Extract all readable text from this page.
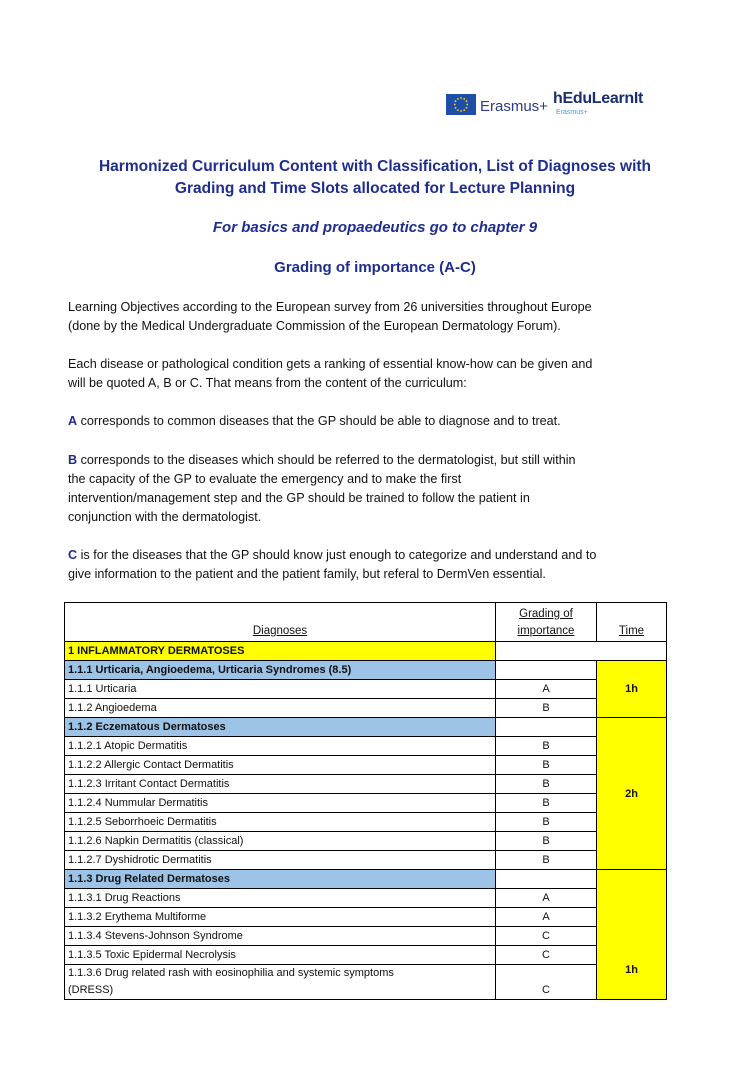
Erasmus+ hEduLearnIt
Erasmus+
Harmonized Curriculum Content with Classification, List of Diagnoses with
Grading and Time Slots allocated for Lecture Planning
For basics and propaedeutics go to chapter 9
Grading of importance (A-C)
Learning Objectives according to the European survey from 26 universities throughout Europe
(done by the Medical Undergraduate Commission of the European Dermatology Forum).
Each disease or pathological condition gets a ranking of essential know-how can be given and
will be quoted A, B or C. That means from the content of the curriculum:
A corresponds to common diseases that the GP should be able to diagnose and to treat.
B corresponds to the diseases which should be referred to the dermatologist, but still within
the capacity of the GP to evaluate the emergency and to make the first
intervention/management step and the GP should be trained to follow the patient in
conjunction with the dermatologist.
C is for the diseases that the GP should know just enough to categorize and understand and to
give information to the patient and the patient family, but referal to DermVen essential.
Diagnoses	Grading of
importance	Time
1 INFLAMMATORY DERMATOSES		
1.1.1 Urticaria, Angioedema, Urticaria Syndromes (8.5)		1h
1.1.1 Urticaria	A	
1.1.2 Angioedema	B	
1.1.2 Eczematous Dermatoses		2h
1.1.2.1 Atopic Dermatitis	B	
1.1.2.2 Allergic Contact Dermatitis	B	
1.1.2.3 Irritant Contact Dermatitis	B	
1.1.2.4 Nummular Dermatitis	B	
1.1.2.5 Seborrhoeic Dermatitis	B	
1.1.2.6 Napkin Dermatitis (classical)	B	
1.1.2.7 Dyshidrotic Dermatitis	B	
1.1.3 Drug Related Dermatoses		1h
1.1.3.1 Drug Reactions	A	
1.1.3.2 Erythema Multiforme	A	
1.1.3.4 Stevens-Johnson Syndrome	C	
1.1.3.5 Toxic Epidermal Necrolysis	C	
1.1.3.6 Drug related rash with eosinophilia and systemic symptoms
(DRESS)	C	
